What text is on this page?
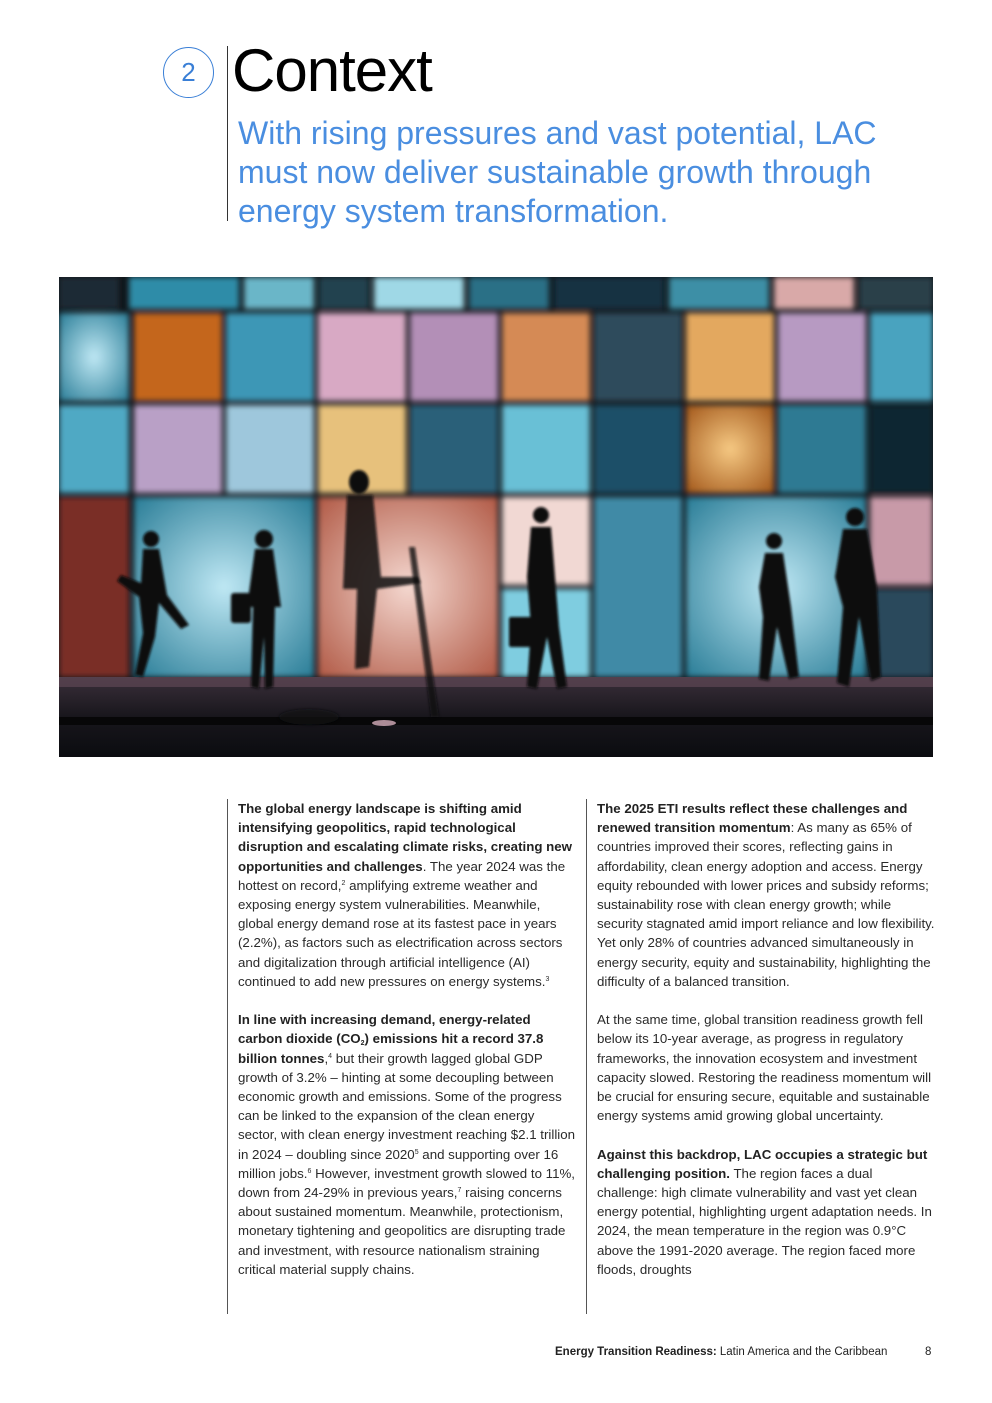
2 Context
With rising pressures and vast potential, LAC must now deliver sustainable growth through energy system transformation.

The global energy landscape is shifting amid intensifying geopolitics, rapid technological disruption and escalating climate risks, creating new opportunities and challenges. The year 2024 was the hottest on record,$^2$ amplifying extreme weather and exposing energy system vulnerabilities. Meanwhile, global energy demand rose at its fastest pace in years (2.2%), as factors such as electrification across sectors and digitalization through artificial intelligence (AI) continued to add new pressures on energy systems.$^3$

In line with increasing demand, energy-related carbon dioxide $(CO_2)$ emissions hit a record 37.8 billion tonnes,$^4$ but their growth lagged global GDP growth of 3.2% – hinting at some decoupling between economic growth and emissions. Some of the progress can be linked to the expansion of the clean energy sector, with clean energy investment reaching $2.1 trillion in 2024 – doubling since 2020$^5$ and supporting over 16 million jobs.$^6$ However, investment growth slowed to 11%, down from 24-29% in previous years,$^7$ raising concerns about sustained momentum. Meanwhile, protectionism, monetary tightening and geopolitics are disrupting trade and investment, with resource nationalism straining critical material supply chains.

The 2025 ETI results reflect these challenges and renewed transition momentum: As many as 65% of countries improved their scores, reflecting gains in affordability, clean energy adoption and access. Energy equity rebounded with lower prices and subsidy reforms; sustainability rose with clean energy growth; while security stagnated amid import reliance and low flexibility. Yet only 28% of countries advanced simultaneously in energy security, equity and sustainability, highlighting the difficulty of a balanced transition.

At the same time, global transition readiness growth fell below its 10-year average, as progress in regulatory frameworks, the innovation ecosystem and investment capacity slowed. Restoring the readiness momentum will be crucial for ensuring secure, equitable and sustainable energy systems amid growing global uncertainty.

Against this backdrop, LAC occupies a strategic but challenging position. The region faces a dual challenge: high climate vulnerability and vast yet clean energy potential, highlighting urgent adaptation needs. In 2024, the mean temperature in the region was 0.9°C above the 1991-2020 average. The region faced more floods, droughts

Energy Transition Readiness: Latin America and the Caribbean	8
